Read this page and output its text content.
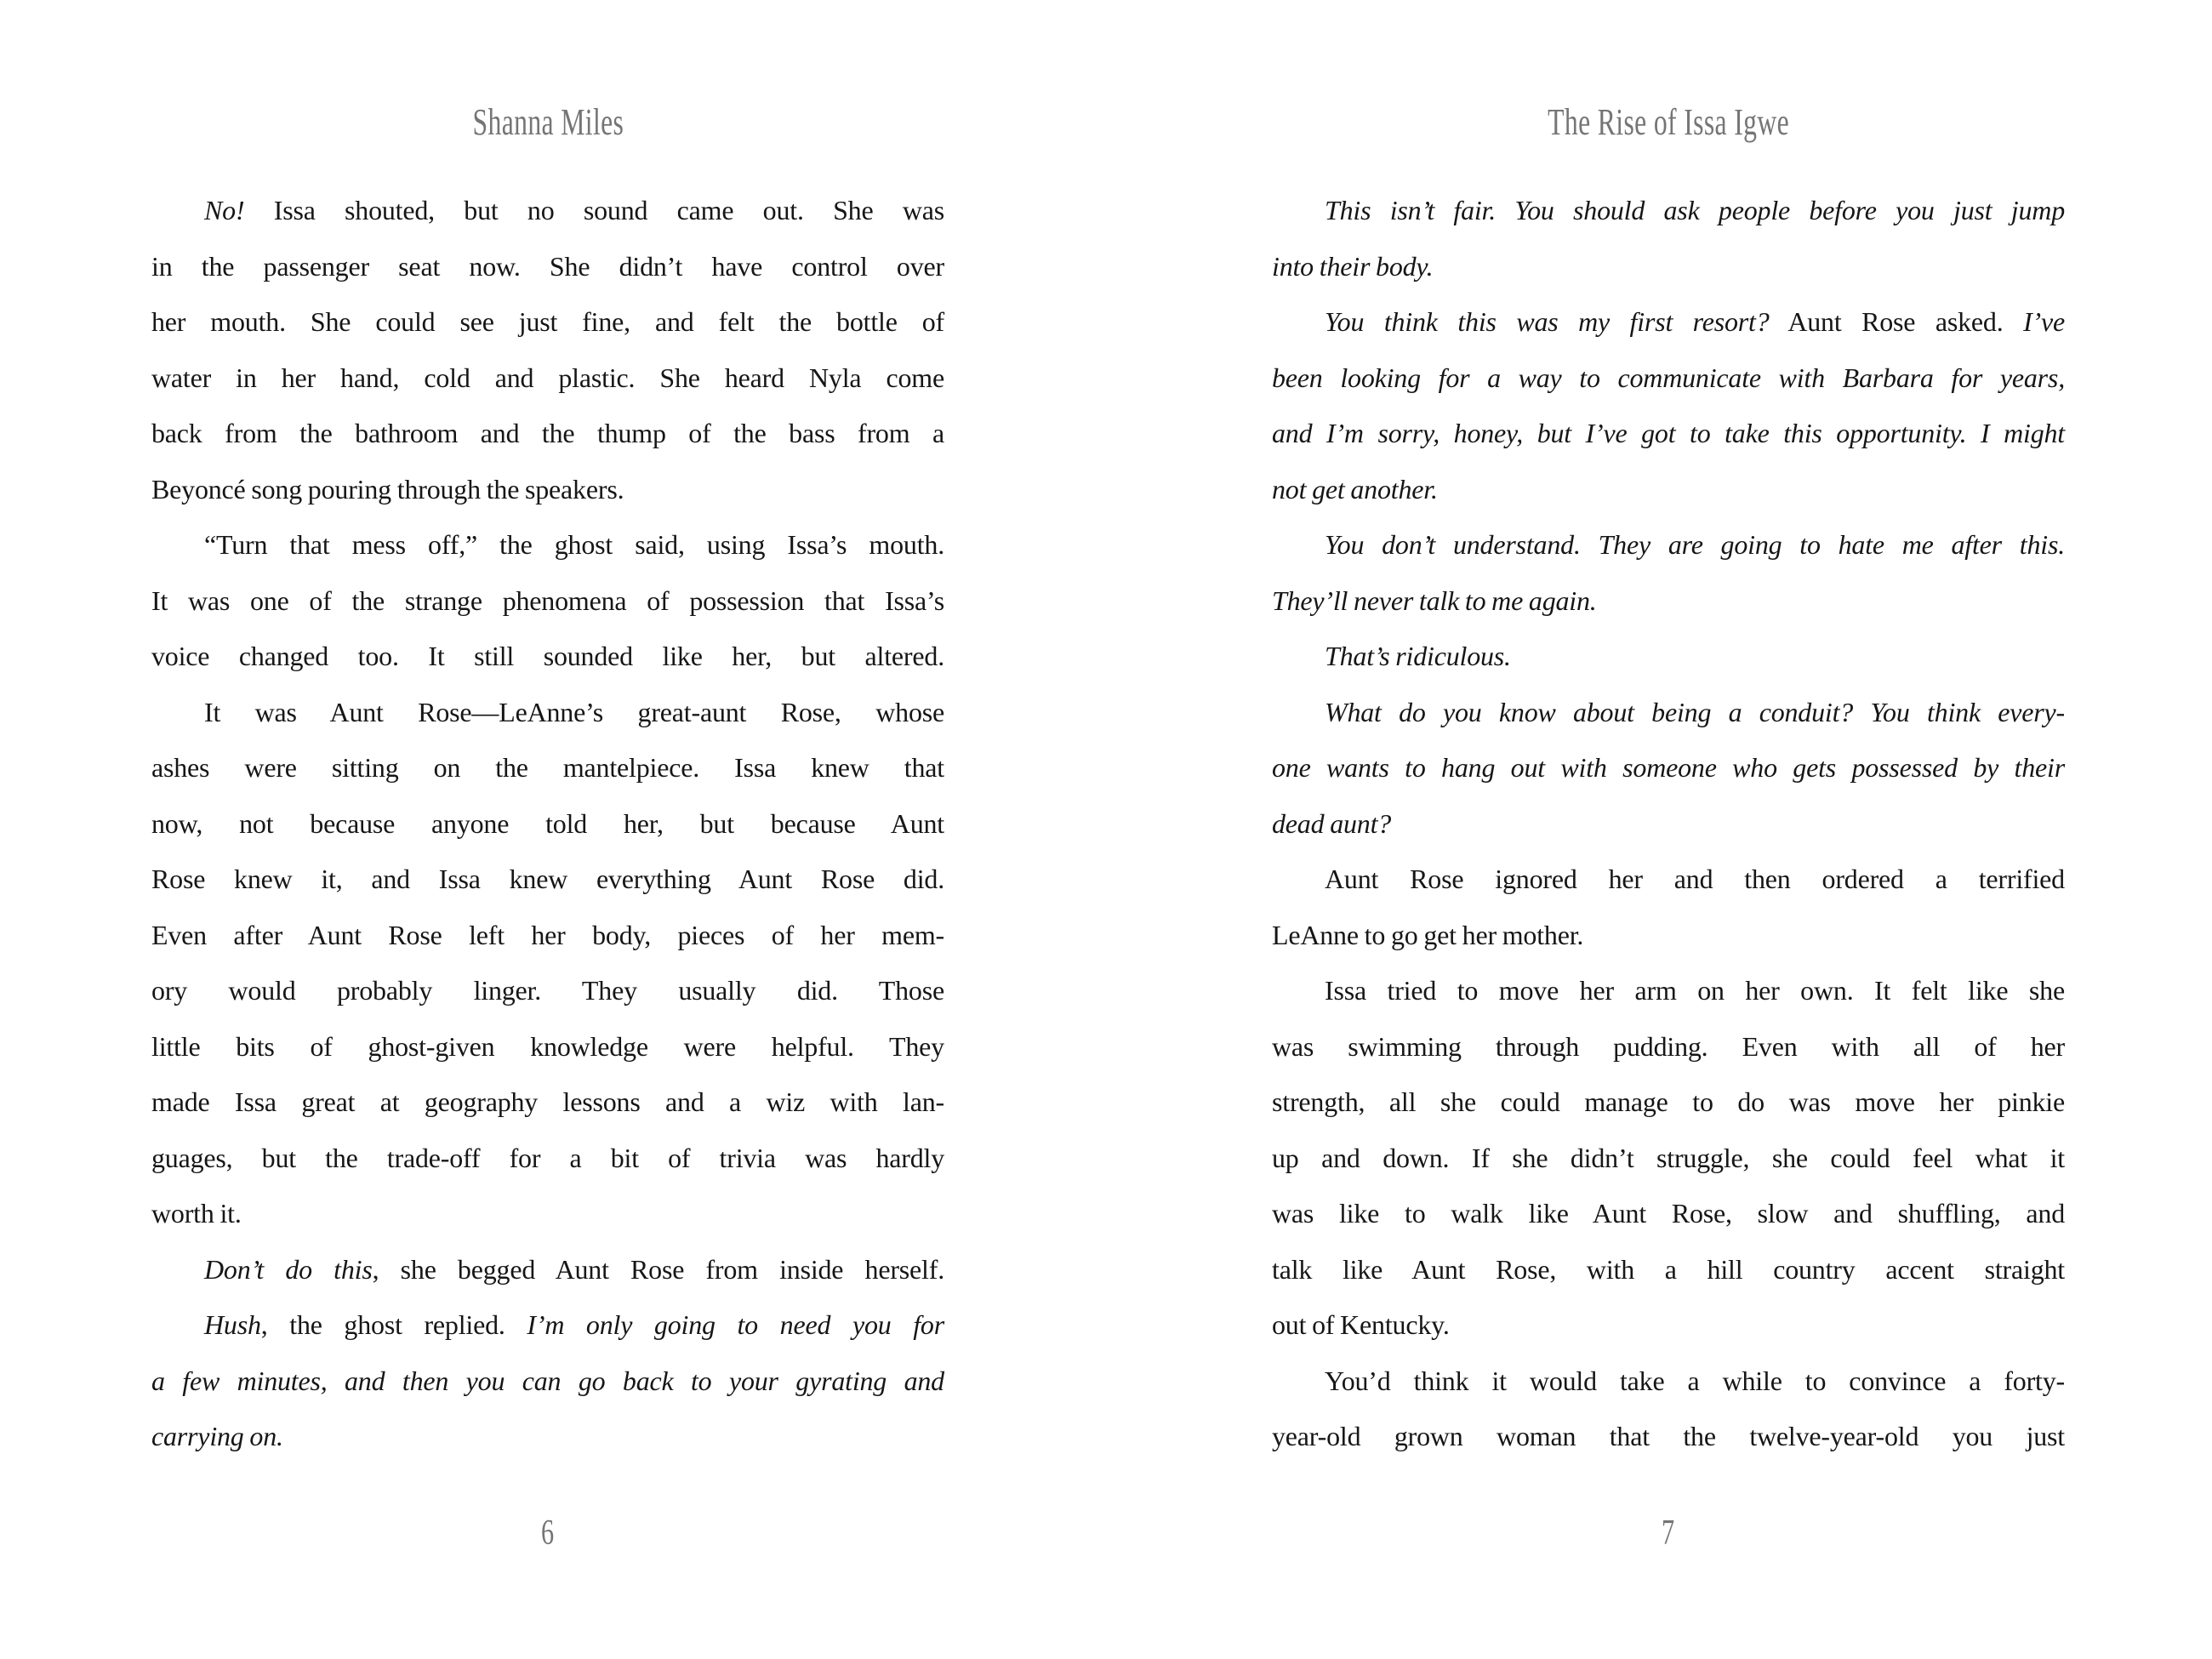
Shanna Miles
No! Issa shouted, but no sound came out. She was
in the passenger seat now. She didn’t have control over
her mouth. She could see just fine, and felt the bottle of
water in her hand, cold and plastic. She heard Nyla come
back from the bathroom and the thump of the bass from a
Beyoncé song pouring through the speakers.
“Turn that mess off,” the ghost said, using Issa’s mouth.
It was one of the strange phenomena of possession that Issa’s
voice changed too. It still sounded like her, but altered.
It was Aunt Rose—LeAnne’s great-aunt Rose, whose
ashes were sitting on the mantelpiece. Issa knew that
now, not because anyone told her, but because Aunt
Rose knew it, and Issa knew everything Aunt Rose did.
Even after Aunt Rose left her body, pieces of her mem-
ory would probably linger. They usually did. Those
little bits of ghost-given knowledge were helpful. They
made Issa great at geography lessons and a wiz with lan-
guages, but the trade-off for a bit of trivia was hardly
worth it.
Don’t do this, she begged Aunt Rose from inside herself.
Hush, the ghost replied. I’m only going to need you for
a few minutes, and then you can go back to your gyrating and
carrying on.
6
The Rise of Issa Igwe
This isn’t fair. You should ask people before you just jump
into their body.
You think this was my first resort? Aunt Rose asked. I’ve
been looking for a way to communicate with Barbara for years,
and I’m sorry, honey, but I’ve got to take this opportunity. I might
not get another.
You don’t understand. They are going to hate me after this.
They’ll never talk to me again.
That’s ridiculous.
What do you know about being a conduit? You think every-
one wants to hang out with someone who gets possessed by their
dead aunt?
Aunt Rose ignored her and then ordered a terrified
LeAnne to go get her mother.
Issa tried to move her arm on her own. It felt like she
was swimming through pudding. Even with all of her
strength, all she could manage to do was move her pinkie
up and down. If she didn’t struggle, she could feel what it
was like to walk like Aunt Rose, slow and shuffling, and
talk like Aunt Rose, with a hill country accent straight
out of Kentucky.
You’d think it would take a while to convince a forty-
year-old grown woman that the twelve-year-old you just
7
